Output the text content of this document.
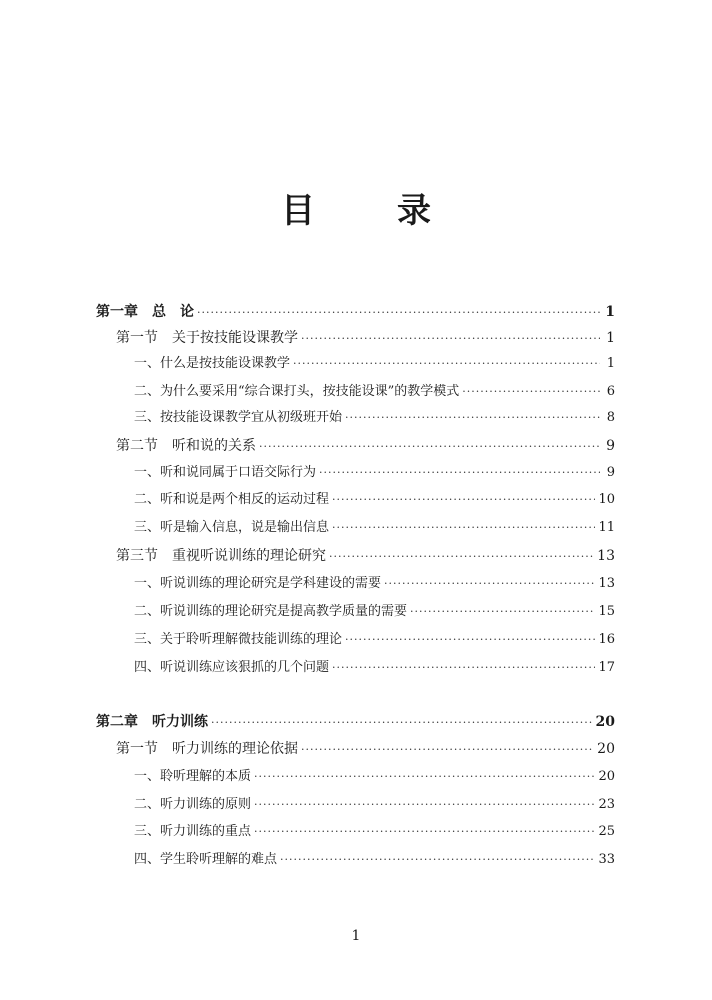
目　录
第一章　总　论 ·····	1
第一节　关于按技能设课教学 ·····	1
一、什么是按技能设课教学 ·····	1
二、为什么要采用“综合课打头，按技能设课”的教学模式 ·····	6
三、按技能设课教学宜从初级班开始 ·····	8
第二节　听和说的关系 ·····	9
一、听和说同属于口语交际行为 ·····	9
二、听和说是两个相反的运动过程 ·····	10
三、听是输入信息，说是输出信息 ·····	11
第三节　重视听说训练的理论研究 ·····	13
一、听说训练的理论研究是学科建设的需要 ·····	13
二、听说训练的理论研究是提高教学质量的需要 ·····	15
三、关于聆听理解微技能训练的理论 ·····	16
四、听说训练应该狠抓的几个问题 ·····	17
第二章　听力训练 ·····	20
第一节　听力训练的理论依据 ·····	20
一、聆听理解的本质 ·····	20
二、听力训练的原则 ·····	23
三、听力训练的重点 ·····	25
四、学生聆听理解的难点 ·····	33
1
